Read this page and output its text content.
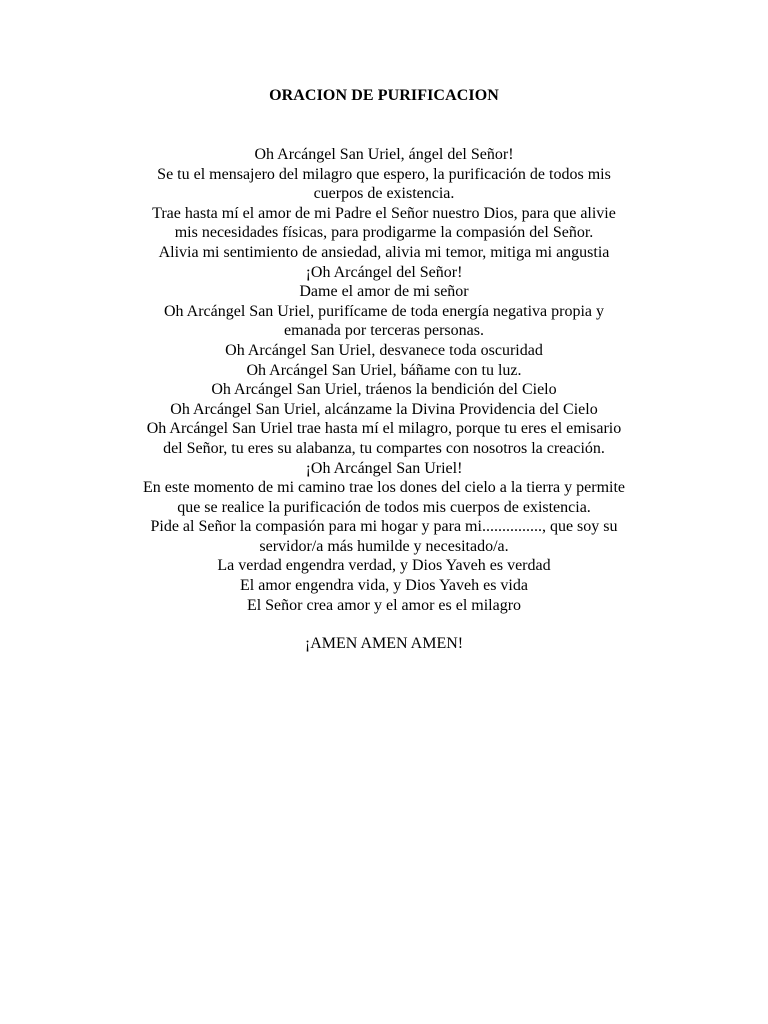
ORACION DE PURIFICACION
Oh Arcángel San Uriel, ángel del Señor!
Se tu el mensajero del milagro que espero, la purificación de todos mis
cuerpos de existencia.
Trae hasta mí el amor de mi Padre el Señor nuestro Dios, para que alivie
mis necesidades físicas, para prodigarme la compasión del Señor.
Alivia mi sentimiento de ansiedad, alivia mi temor, mitiga mi angustia
¡Oh Arcángel del Señor!
Dame el amor de mi señor
Oh Arcángel San Uriel, purifícame de toda energía negativa propia y
emanada por terceras personas.
Oh Arcángel San Uriel, desvanece toda oscuridad
Oh Arcángel San Uriel, báñame con tu luz.
Oh Arcángel San Uriel, tráenos la bendición del Cielo
Oh Arcángel San Uriel, alcánzame la Divina Providencia del Cielo
Oh Arcángel San Uriel trae hasta mí el milagro, porque tu eres el emisario
del Señor, tu eres su alabanza, tu compartes con nosotros la creación.
¡Oh Arcángel San Uriel!
En este momento de mi camino trae los dones del cielo a la tierra y permite
que se realice la purificación de todos mis cuerpos de existencia.
Pide al Señor la compasión para mi hogar y para mi..............., que soy su
servidor/a más humilde y necesitado/a.
La verdad engendra verdad, y Dios Yaveh es verdad
El amor engendra vida, y Dios Yaveh es vida
El Señor crea amor y el amor es el milagro
¡AMEN AMEN AMEN!
